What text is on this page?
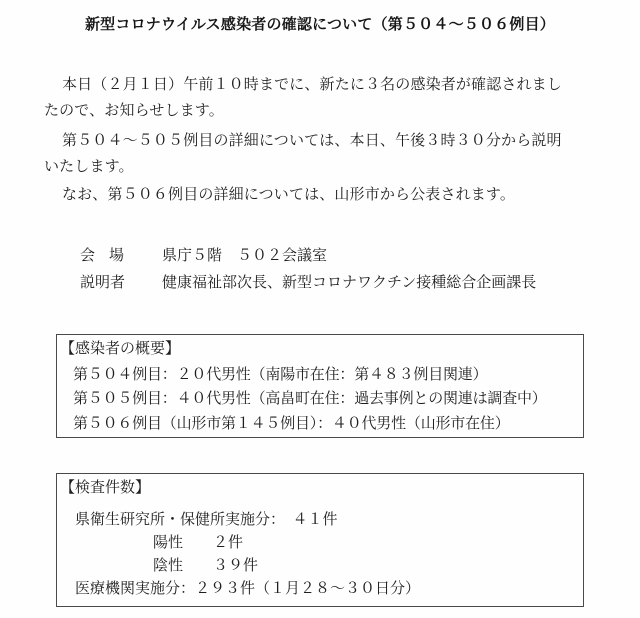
新型コロナウイルス感染者の確認について（第５０４～５０６例目）
本日（２月１日）午前１０時までに、新たに３名の感染者が確認されまし
たので、お知らせします。
第５０４～５０５例目の詳細については、本日、午後３時３０分から説明
いたします。
なお、第５０６例目の詳細については、山形市から公表されます。
会場 県庁５階　５０２会議室
説明者 健康福祉部次長、新型コロナワクチン接種総合企画課長
【感染者の概要】
第５０４例目：２０代男性（南陽市在住：第４８３例目関連）
第５０５例目：４０代男性（高畠町在住：過去事例との関連は調査中）
第５０６例目（山形市第１４５例目）：４０代男性（山形市在住）
【検査件数】
県衛生研究所・保健所実施分：　４１件
陽性 ２件
陰性 ３９件
医療機関実施分：２９３件（１月２８～３０日分）
